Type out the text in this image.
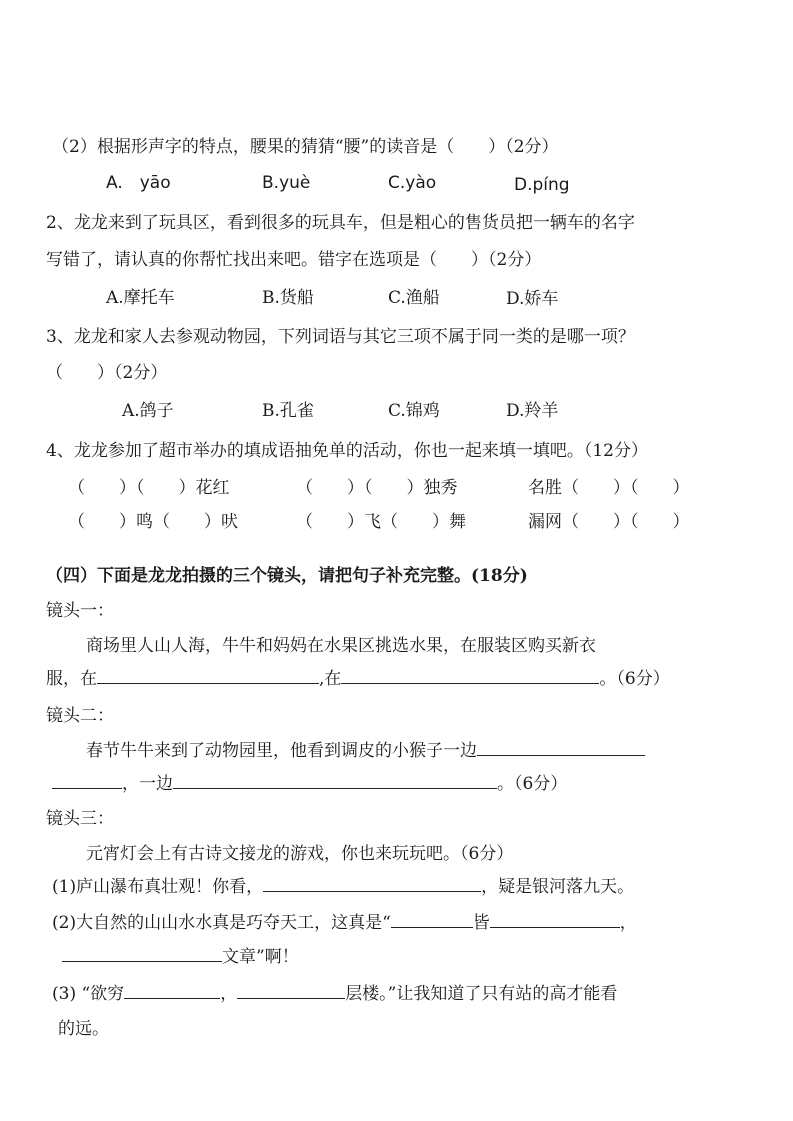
（2）根据形声字的特点，腰果的猜猜“腰”的读音是（　　）（2分）
A.　yāo	B.yuè	C.yào	D.píng
2、龙龙来到了玩具区，看到很多的玩具车，但是粗心的售货员把一辆车的名字
写错了，请认真的你帮忙找出来吧。错字在选项是（　　）（2分）
A.摩托车	B.货船	C.渔船	D.娇车
3、龙龙和家人去参观动物园，下列词语与其它三项不属于同一类的是哪一项？
（　　）（2分）
A.鸽子	B.孔雀	C.锦鸡	D.羚羊
4、龙龙参加了超市举办的填成语抽免单的活动，你也一起来填一填吧。（12分）
（　　）（　　）花红	（　　）（　　）独秀	名胜（　　）（　　）
（　　）鸣（　　）吠	（　　）飞（　　）舞	漏网（　　）（　　）
（四）下面是龙龙拍摄的三个镜头，请把句子补充完整。(18分)
镜头一：
商场里人山人海，牛牛和妈妈在水果区挑选水果，在服装区购买新衣
服，在	,在	。（6分）
镜头二：
春节牛牛来到了动物园里，他看到调皮的小猴子一边
，一边	。（6分）
镜头三：
元宵灯会上有古诗文接龙的游戏，你也来玩玩吧。（6分）
(1)庐山瀑布真壮观！你看，	，疑是银河落九天。
(2)大自然的山山水水真是巧夺天工，这真是“	皆	，
文章”啊！
(3) “欲穷	，	层楼。”让我知道了只有站的高才能看
的远。
